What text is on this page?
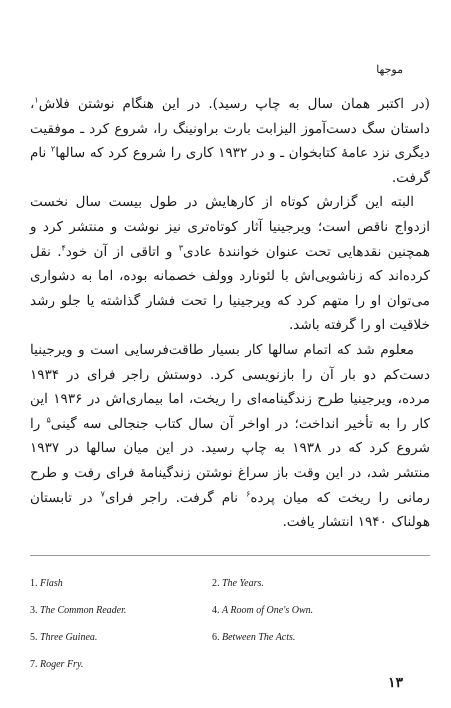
موجها

(در اکتبر همان سال به چاپ رسید). در این هنگام نوشتن فلاش$^۱$، داستان سگ دست‌آموز الیزابت بارت براونینگ را، شروع کرد ـ موفقیت دیگری نزد عامهٔ کتابخوان ـ و در ۱۹۳۲ کاری را شروع کرد که سالها$^۲$ نام گرفت.

البته این گزارش کوتاه از کارهایش در طول بیست سال نخست ازدواج ناقص است؛ ویرجینیا آثار کوتاه‌تری نیز نوشت و منتشر کرد و همچنین نقدهایی تحت عنوان خوانندهٔ عادی$^۳$ و اتاقی از آن خود$^۴$. نقل کرده‌اند که زناشویی‌اش با لئونارد وولف خصمانه بوده، اما به دشواری می‌توان او را متهم کرد که ویرجینیا را تحت فشار گذاشته یا جلو رشد خلاقیت او را گرفته باشد.

معلوم شد که اتمام سالها کار بسیار طاقت‌فرسایی است و ویرجینیا دست‌کم دو بار آن را بازنویسی کرد. دوستش راجر فرای در ۱۹۳۴ مرده، ویرجینیا طرح زندگینامه‌ای را ریخت، اما بیماری‌اش در ۱۹۳۶ این کار را به تأخیر انداخت؛ در اواخر آن سال کتاب جنجالی سه گینی$^۵$ را شروع کرد که در ۱۹۳۸ به چاپ رسید. در این میان سالها در ۱۹۳۷ منتشر شد، در این وقت باز سراغ نوشتن زندگینامهٔ فرای رفت و طرح رمانی را ریخت که میان پرده$^۶$ نام گرفت. راجر فرای$^۷$ در تابستان هولناک ۱۹۴۰ انتشار یافت.

1. Flash	2. The Years.
3. The Common Reader.	4. A Room of One's Own.
5. Three Guinea.	6. Between The Acts.
7. Roger Fry.
۱۳
